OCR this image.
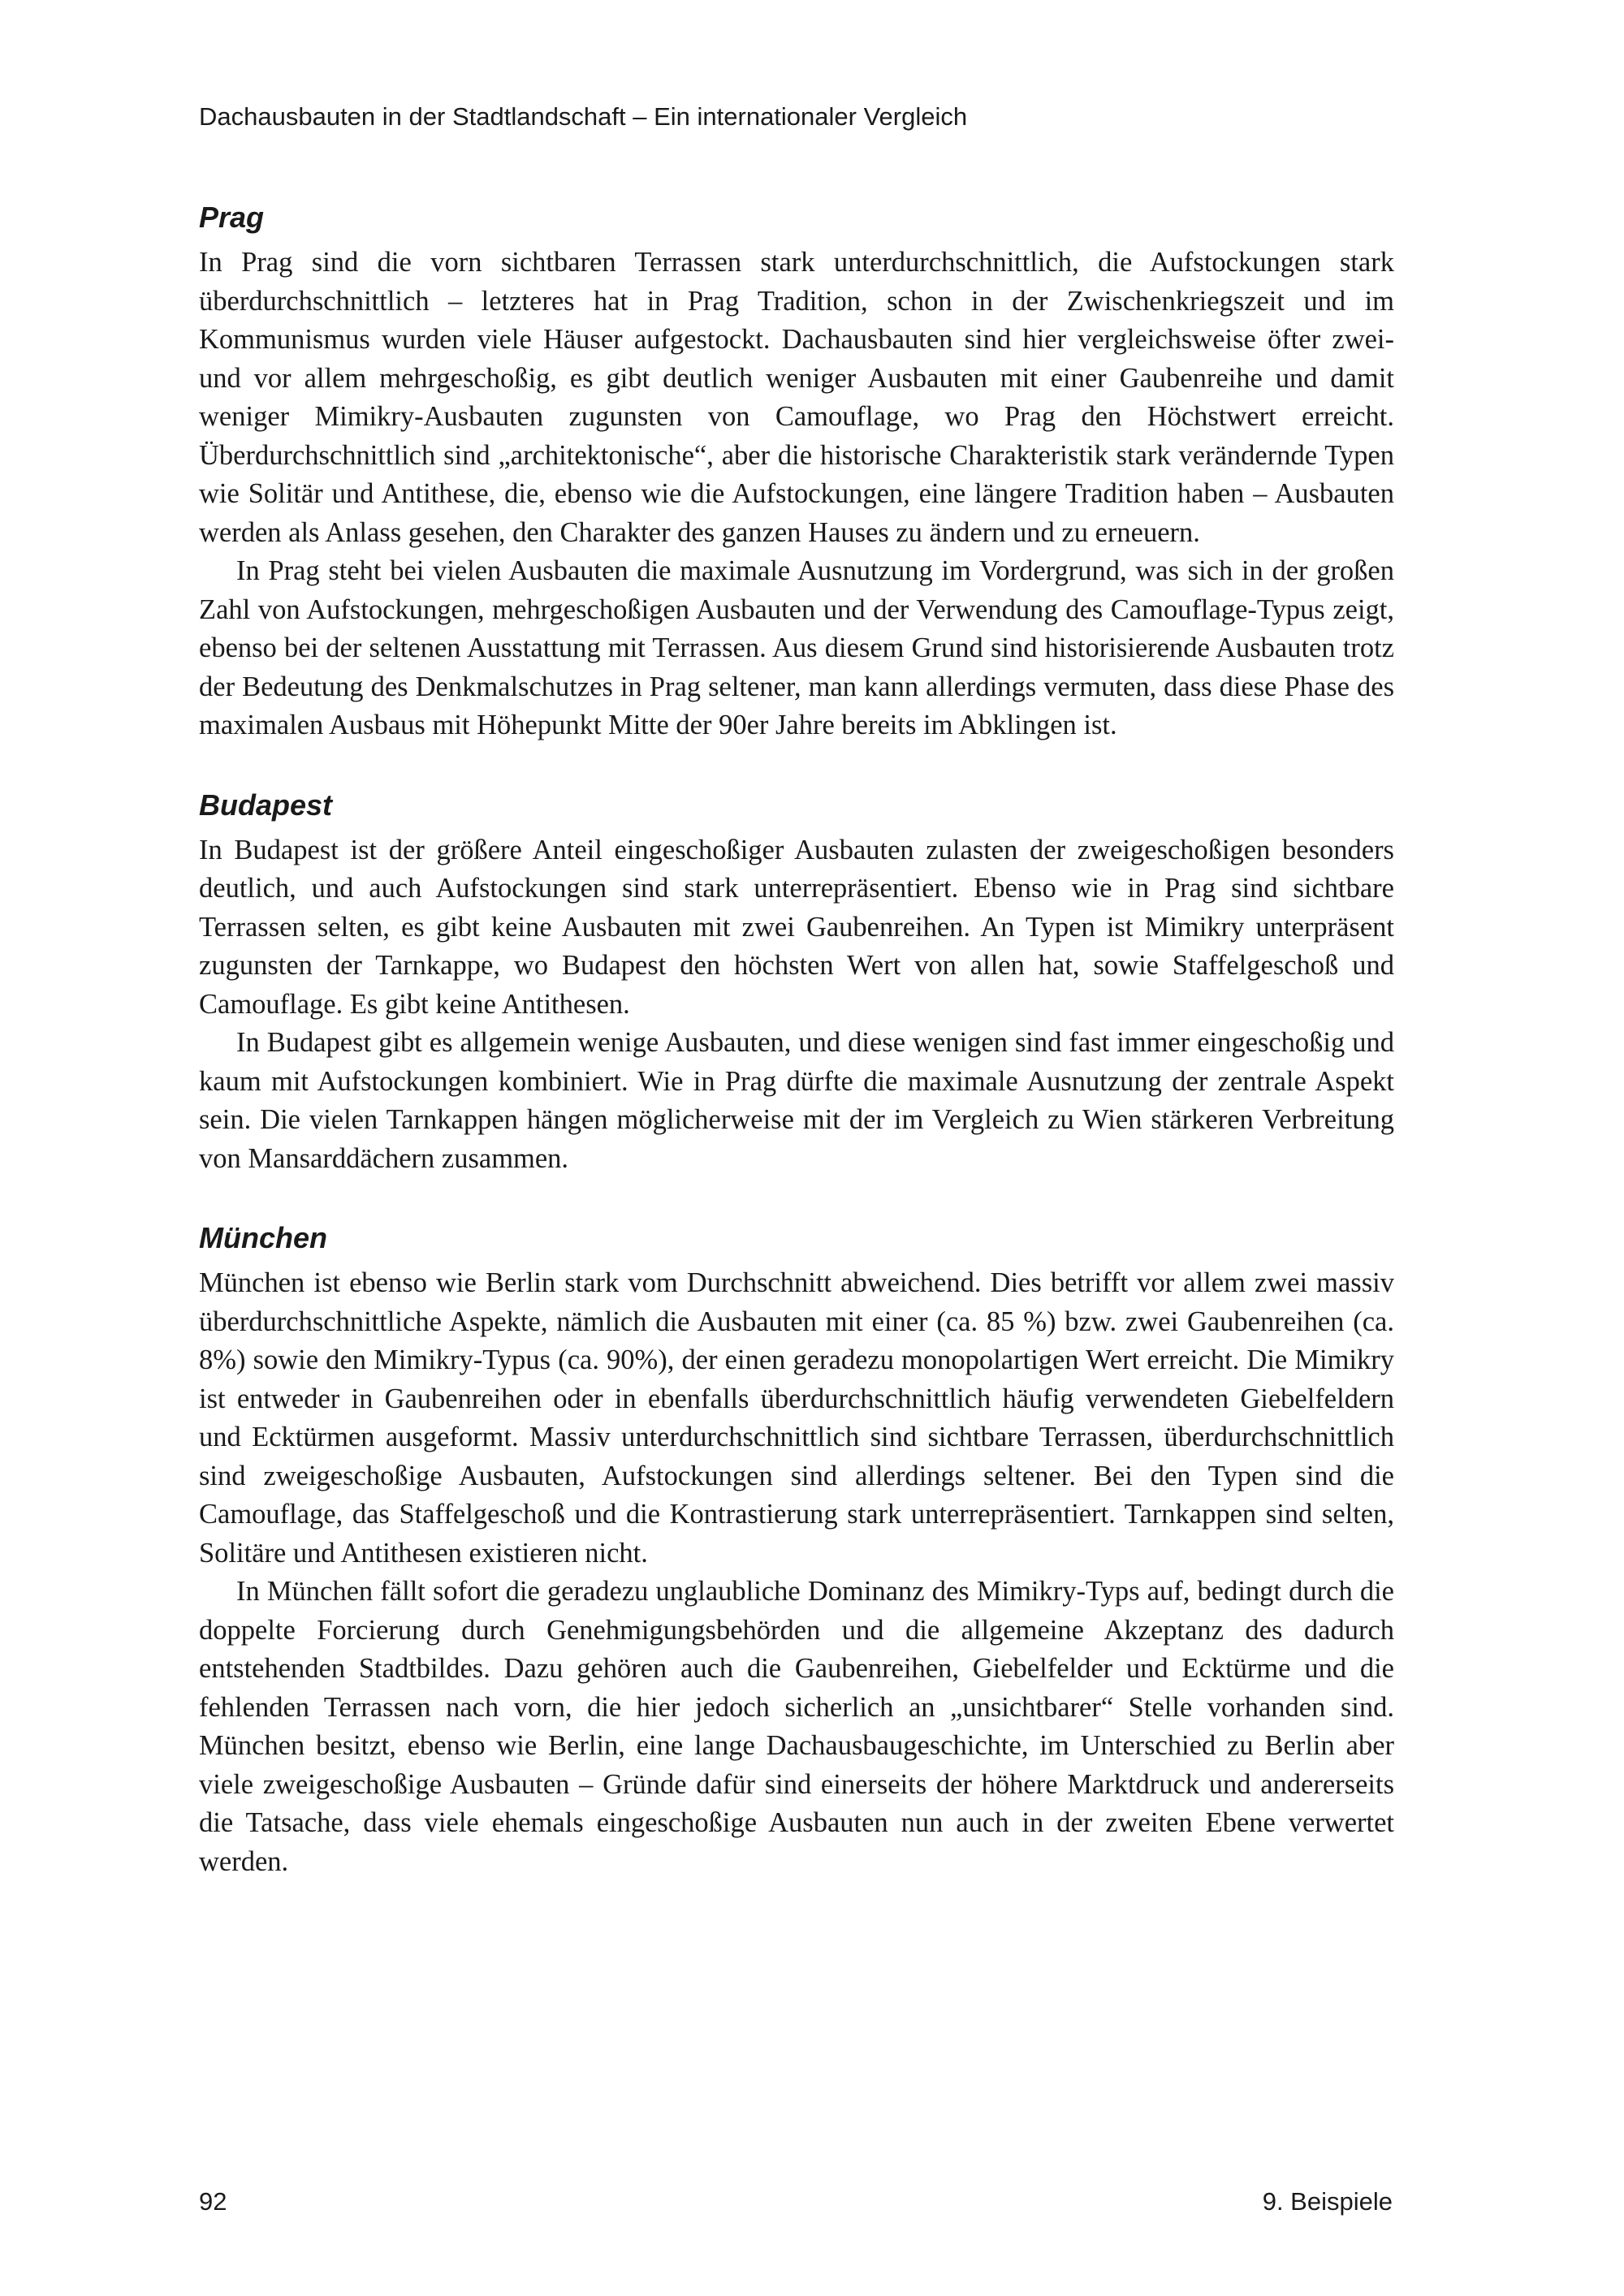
Dachausbauten in der Stadtlandschaft – Ein internationaler Vergleich
Prag

In Prag sind die vorn sichtbaren Terrassen stark unterdurchschnittlich, die Aufstockungen stark überdurchschnittlich – letzteres hat in Prag Tradition, schon in der Zwischenkriegszeit und im Kommunismus wurden viele Häuser aufgestockt. Dachausbauten sind hier vergleichsweise öfter zwei- und vor allem mehrgeschoßig, es gibt deutlich weniger Ausbauten mit einer Gaubenreihe und damit weniger Mimikry-Ausbauten zugunsten von Camouflage, wo Prag den Höchstwert erreicht. Überdurchschnittlich sind „architektonische“, aber die historische Charakteristik stark verändernde Typen wie Solitär und Antithese, die, ebenso wie die Aufstockungen, eine längere Tradition haben – Ausbauten werden als Anlass gesehen, den Charakter des ganzen Hauses zu ändern und zu erneuern.

In Prag steht bei vielen Ausbauten die maximale Ausnutzung im Vordergrund, was sich in der großen Zahl von Aufstockungen, mehrgeschoßigen Ausbauten und der Verwendung des Camouflage-Typus zeigt, ebenso bei der seltenen Ausstattung mit Terrassen. Aus diesem Grund sind historisierende Ausbauten trotz der Bedeutung des Denkmalschutzes in Prag seltener, man kann allerdings vermuten, dass diese Phase des maximalen Ausbaus mit Höhepunkt Mitte der 90er Jahre bereits im Abklingen ist.

Budapest

In Budapest ist der größere Anteil eingeschoßiger Ausbauten zulasten der zweigeschoßigen besonders deutlich, und auch Aufstockungen sind stark unterrepräsentiert. Ebenso wie in Prag sind sichtbare Terrassen selten, es gibt keine Ausbauten mit zwei Gaubenreihen. An Typen ist Mimikry unterpräsent zugunsten der Tarnkappe, wo Budapest den höchsten Wert von allen hat, sowie Staffelgeschoß und Camouflage. Es gibt keine Antithesen.

In Budapest gibt es allgemein wenige Ausbauten, und diese wenigen sind fast immer eingeschoßig und kaum mit Aufstockungen kombiniert. Wie in Prag dürfte die maximale Ausnutzung der zentrale Aspekt sein. Die vielen Tarnkappen hängen möglicherweise mit der im Vergleich zu Wien stärkeren Verbreitung von Mansarddächern zusammen.

München

München ist ebenso wie Berlin stark vom Durchschnitt abweichend. Dies betrifft vor allem zwei massiv überdurchschnittliche Aspekte, nämlich die Ausbauten mit einer (ca. 85 %) bzw. zwei Gaubenreihen (ca. 8%) sowie den Mimikry-Typus (ca. 90%), der einen geradezu monopolartigen Wert erreicht. Die Mimikry ist entweder in Gaubenreihen oder in ebenfalls überdurchschnittlich häufig verwendeten Giebelfeldern und Ecktürmen ausgeformt. Massiv unterdurchschnittlich sind sichtbare Terrassen, überdurchschnittlich sind zweigeschoßige Ausbauten, Aufstockungen sind allerdings seltener. Bei den Typen sind die Camouflage, das Staffelgeschoß und die Kontrastierung stark unterrepräsentiert. Tarnkappen sind selten, Solitäre und Antithesen existieren nicht.

In München fällt sofort die geradezu unglaubliche Dominanz des Mimikry-Typs auf, bedingt durch die doppelte Forcierung durch Genehmigungsbehörden und die allgemeine Akzeptanz des dadurch entstehenden Stadtbildes. Dazu gehören auch die Gaubenreihen, Giebelfelder und Ecktürme und die fehlenden Terrassen nach vorn, die hier jedoch sicherlich an „unsichtbarer“ Stelle vorhanden sind. München besitzt, ebenso wie Berlin, eine lange Dachausbaugeschichte, im Unterschied zu Berlin aber viele zweigeschoßige Ausbauten – Gründe dafür sind einerseits der höhere Marktdruck und andererseits die Tatsache, dass viele ehemals eingeschoßige Ausbauten nun auch in der zweiten Ebene verwertet werden.

92	9. Beispiele
